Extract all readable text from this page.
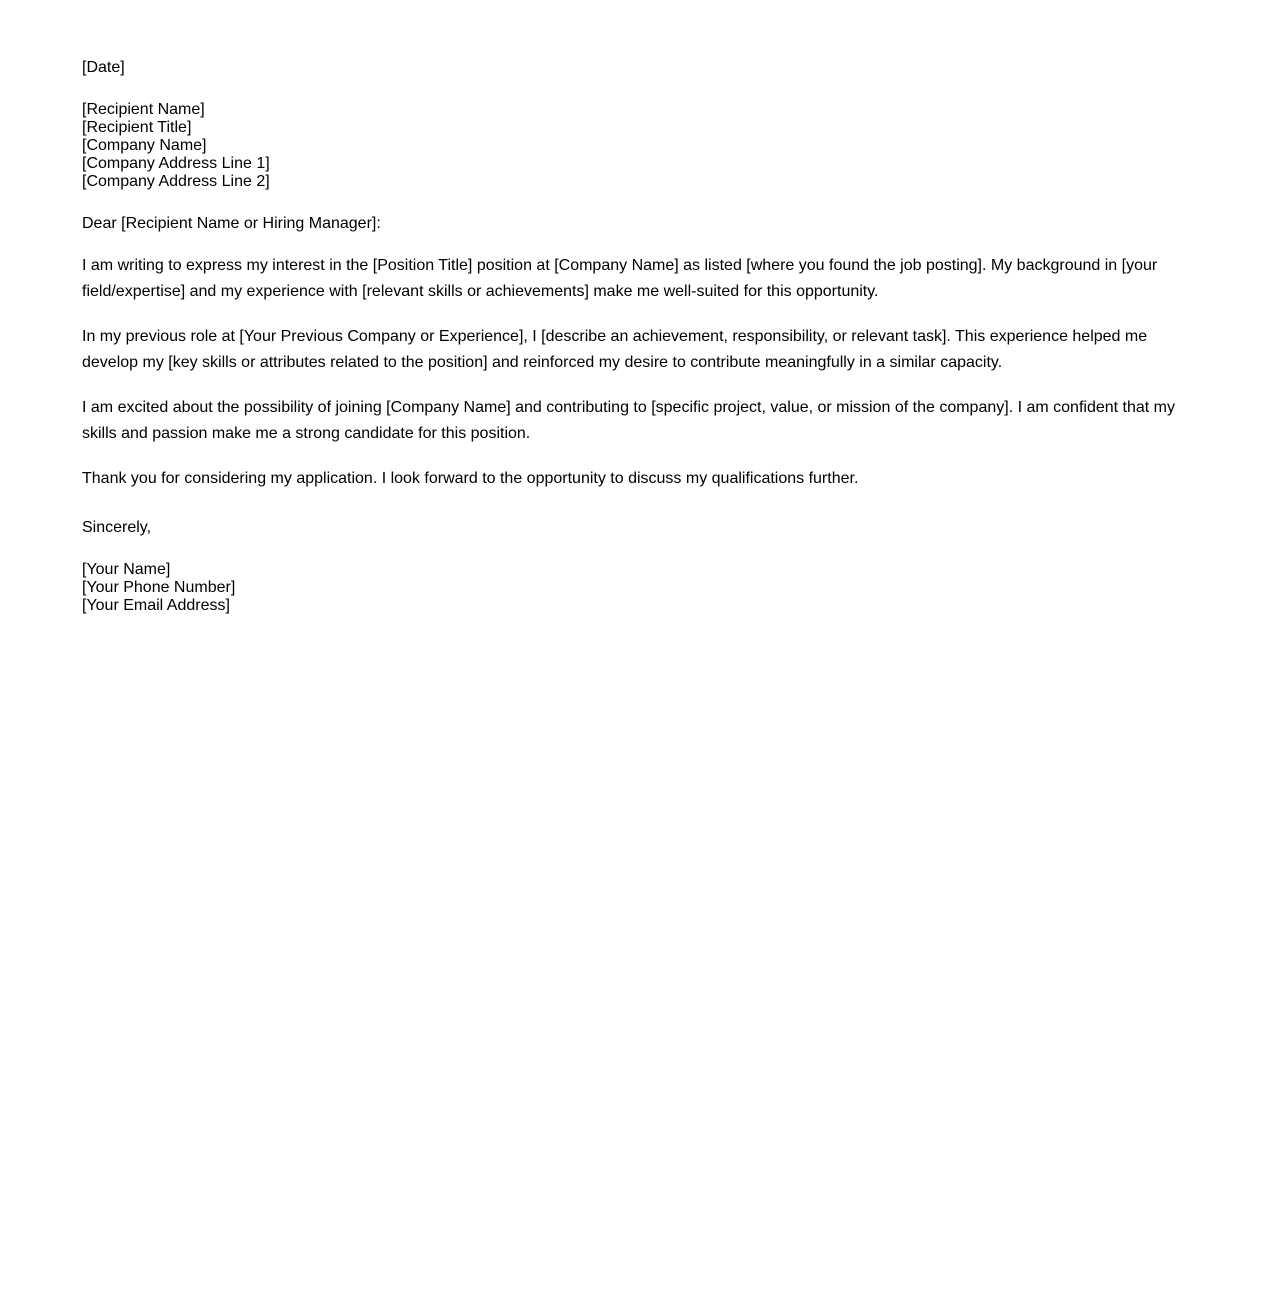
[Date]
[Recipient Name]
[Recipient Title]
[Company Name]
[Company Address Line 1]
[Company Address Line 2]
Dear [Recipient Name or Hiring Manager]:

I am writing to express my interest in the [Position Title] position at [Company Name] as listed [where you found the job posting]. My background in [your field/expertise] and my experience with [relevant skills or achievements] make me well-suited for this opportunity.

In my previous role at [Your Previous Company or Experience], I [describe an achievement, responsibility, or relevant task]. This experience helped me develop my [key skills or attributes related to the position] and reinforced my desire to contribute meaningfully in a similar capacity.

I am excited about the possibility of joining [Company Name] and contributing to [specific project, value, or mission of the company]. I am confident that my skills and passion make me a strong candidate for this position.

Thank you for considering my application. I look forward to the opportunity to discuss my qualifications further.

Sincerely,
[Your Name]
[Your Phone Number]
[Your Email Address]
